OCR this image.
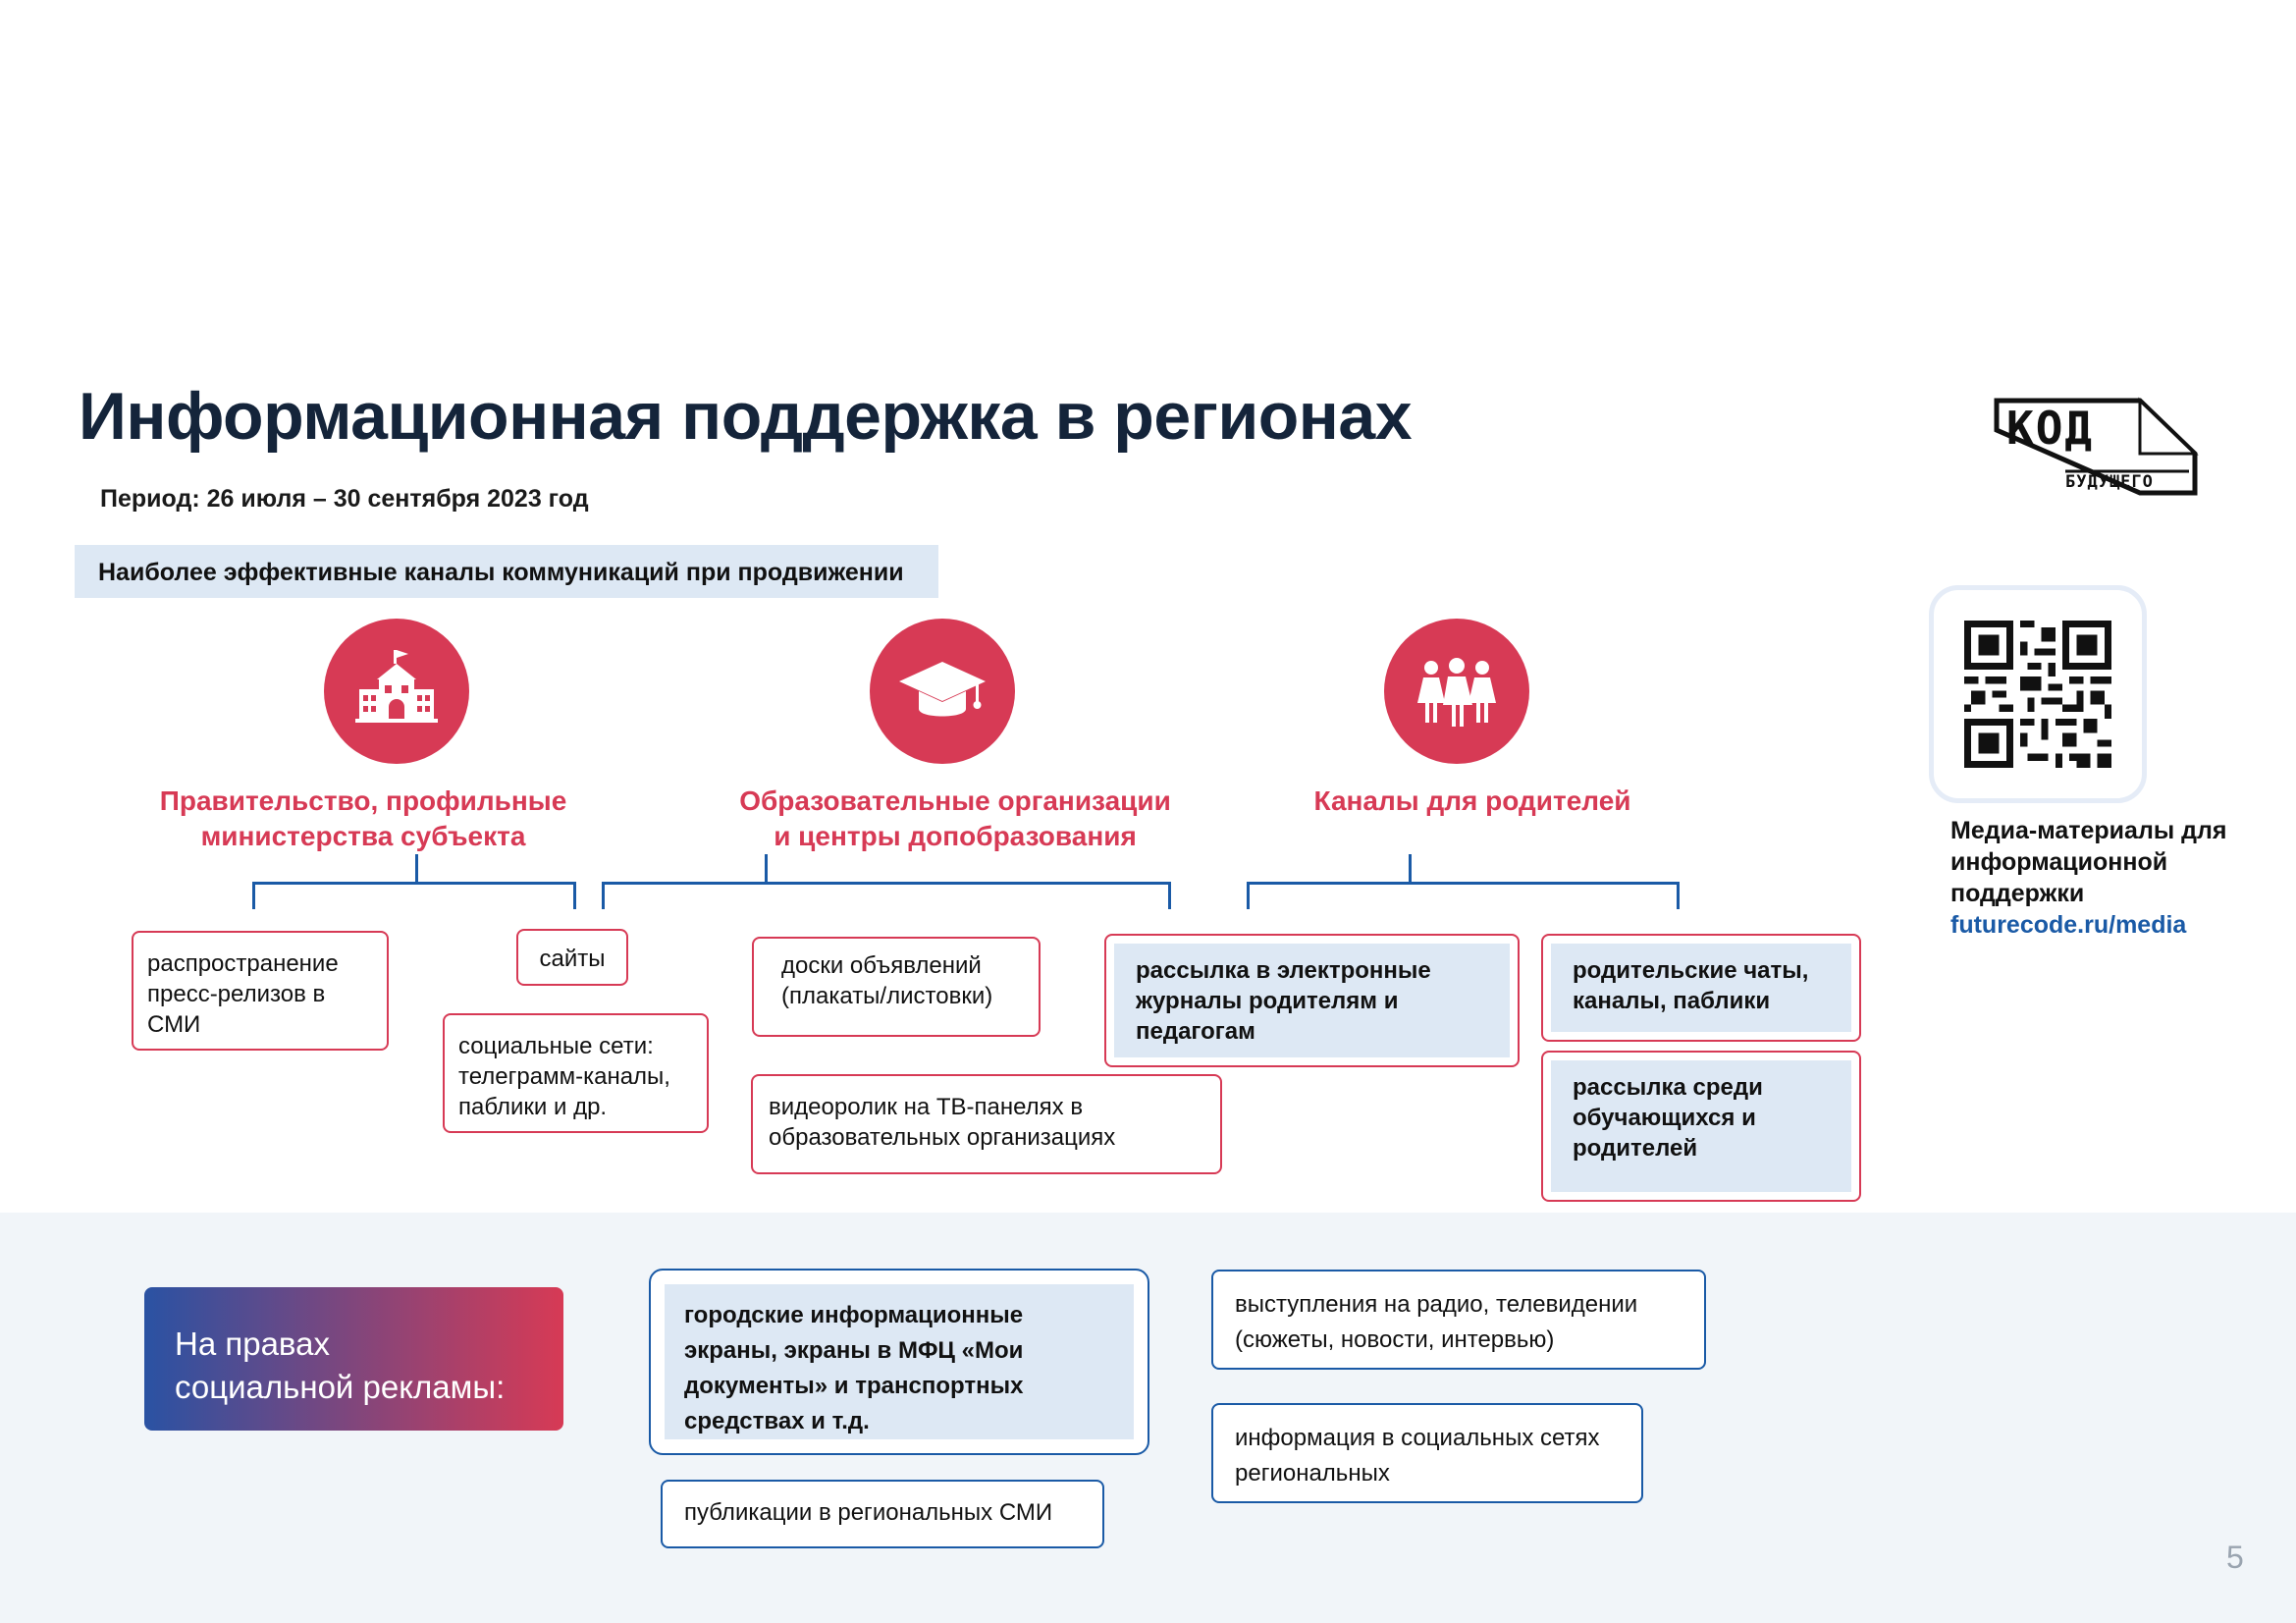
Информационная поддержка в регионах
Период: 26 июля – 30 сентября 2023 год
Наиболее эффективные каналы коммуникаций при продвижении
КОД
БУДУЩЕГО
Правительство, профильные
министерства субъекта
Образовательные организации
и центры допобразования
Каналы для родителей
распространение пресс-релизов в СМИ
сайты
социальные сети: телеграмм-каналы, паблики и др.
доски объявлений (плакаты/листовки)
видеоролик на ТВ-панелях в образовательных организациях
рассылка в электронные журналы родителям и педагогам
родительские чаты, каналы, паблики
рассылка среди обучающихся и родителей
Медиа-материалы для информационной поддержки
futurecode.ru/media
На правах
социальной рекламы:
городские информационные экраны, экраны в МФЦ «Мои документы» и транспортных средствах и т.д.
публикации в региональных СМИ
выступления на радио, телевидении (сюжеты, новости, интервью)
информация в социальных сетях региональных
5
